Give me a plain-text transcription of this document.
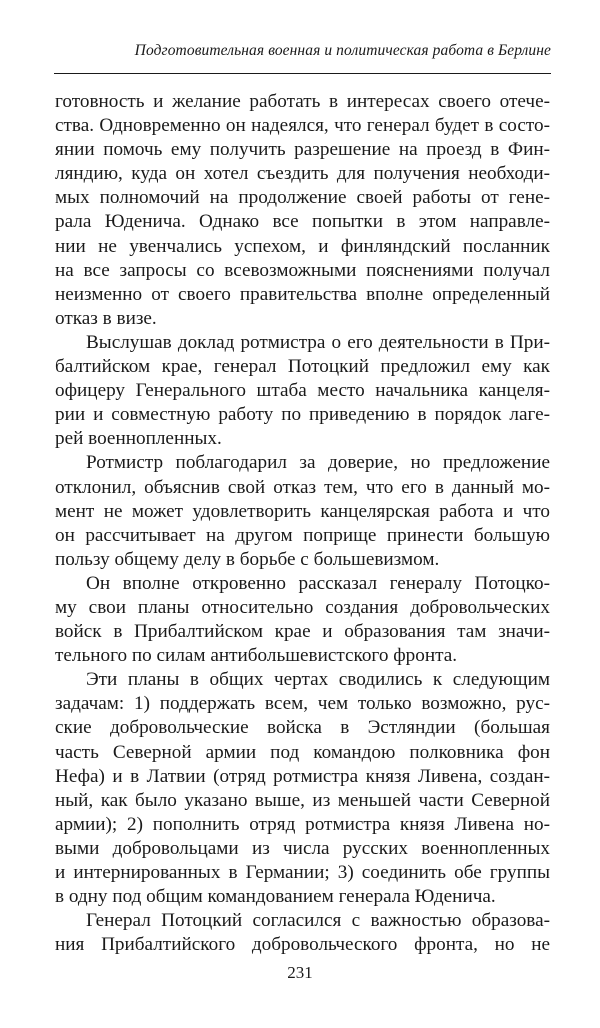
Подготовительная военная и политическая работа в Берлине
готовность и желание работать в интересах своего отече-
ства. Одновременно он надеялся, что генерал будет в состо-
янии помочь ему получить разрешение на проезд в Фин-
ляндию, куда он хотел съездить для получения необходи-
мых полномочий на продолжение своей работы от гене-
рала Юденича. Однако все попытки в этом направле-
нии не увенчались успехом, и финляндский посланник
на все запросы со всевозможными пояснениями получал
неизменно от своего правительства вполне определенный
отказ в визе.
Выслушав доклад ротмистра о его деятельности в При-
балтийском крае, генерал Потоцкий предложил ему как
офицеру Генерального штаба место начальника канцеля-
рии и совместную работу по приведению в порядок лаге-
рей военнопленных.
Ротмистр поблагодарил за доверие, но предложение
отклонил, объяснив свой отказ тем, что его в данный мо-
мент не может удовлетворить канцелярская работа и что
он рассчитывает на другом поприще принести большую
пользу общему делу в борьбе с большевизмом.
Он вполне откровенно рассказал генералу Потоцко-
му свои планы относительно создания добровольческих
войск в Прибалтийском крае и образования там значи-
тельного по силам антибольшевистского фронта.
Эти планы в общих чертах сводились к следующим
задачам: 1) поддержать всем, чем только возможно, рус-
ские добровольческие войска в Эстляндии (большая
часть Северной армии под командою полковника фон
Нефа) и в Латвии (отряд ротмистра князя Ливена, создан-
ный, как было указано выше, из меньшей части Северной
армии); 2) пополнить отряд ротмистра князя Ливена но-
выми добровольцами из числа русских военнопленных
и интернированных в Германии; 3) соединить обе группы
в одну под общим командованием генерала Юденича.
Генерал Потоцкий согласился с важностью образова-
ния Прибалтийского добровольческого фронта, но не
231
